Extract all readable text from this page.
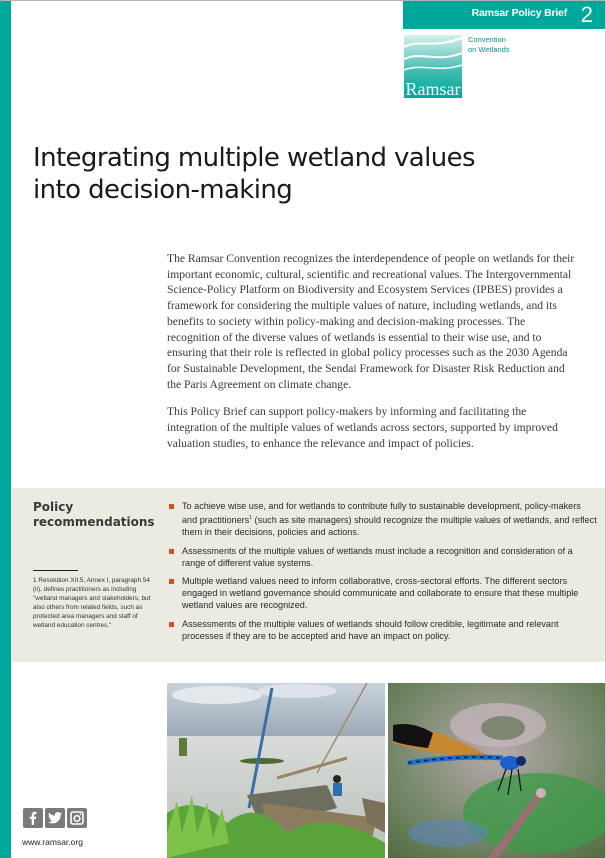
Ramsar Policy Brief 2
Ramsar
Convention
on Wetlands
Integrating multiple wetland values
into decision-making

The Ramsar Convention recognizes the interdependence of people on wetlands for their important economic, cultural, scientific and recreational values. The Intergovernmental Science-Policy Platform on Biodiversity and Ecosystem Services (IPBES) provides a framework for considering the multiple values of nature, including wetlands, and its benefits to society within policy-making and decision-making processes. The recognition of the diverse values of wetlands is essential to their wise use, and to ensuring that their role is reflected in global policy processes such as the 2030 Agenda for Sustainable Development, the Sendai Framework for Disaster Risk Reduction and the Paris Agreement on climate change.

This Policy Brief can support policy-makers by informing and facilitating the integration of the multiple values of wetlands across sectors, supported by improved valuation studies, to enhance the relevance and impact of policies.

Policy
recommendations
1 Resolution XII.5, Annex I, paragraph 54 (ii), defines practitioners as including "wetland managers and stakeholders, but also others from related fields, such as protected area managers and staff of wetland education centres."
To achieve wise use, and for wetlands to contribute fully to sustainable development, policy-makers and practitioners$^1$ (such as site managers) should recognize the multiple values of wetlands, and reflect them in their decisions, policies and actions.
Assessments of the multiple values of wetlands must include a recognition and consideration of a range of different value systems.
Multiple wetland values need to inform collaborative, cross-sectoral efforts. The different sectors engaged in wetland governance should communicate and collaborate to ensure that these multiple wetland values are recognized.
Assessments of the multiple values of wetlands should follow credible, legitimate and relevant processes if they are to be accepted and have an impact on policy.
www.ramsar.org
